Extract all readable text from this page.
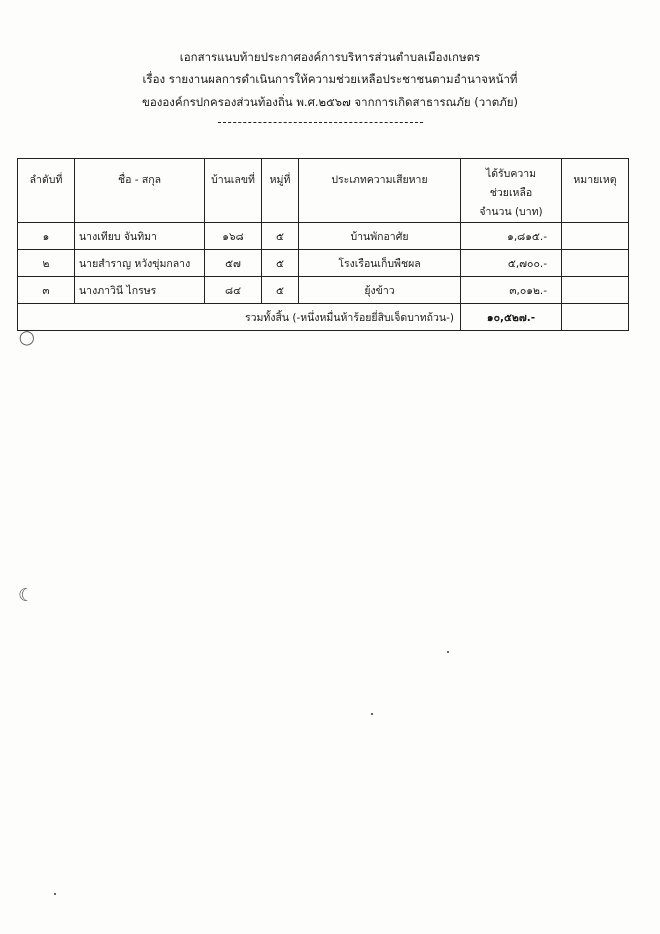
เอกสารแนบท้ายประกาศองค์การบริหารส่วนตำบลเมืองเกษตร
เรื่อง รายงานผลการดำเนินการให้ความช่วยเหลือประชาชนตามอำนาจหน้าที่
ขององค์กรปกครองส่วนท้องถิ่น พ.ศ.๒๕๖๗ จากการเกิดสาธารณภัย (วาตภัย)
ลำดับที่	ชื่อ - สกุล	บ้านเลขที่	หมู่ที่	ประเภทความเสียหาย	ได้รับความ
ช่วยเหลือ
จำนวน (บาท)	หมายเหตุ
๑	นางเทียบ จันทิมา	๑๖๘	๕	บ้านพักอาศัย	๑,๘๑๕.-	
๒	นายสำราญ หวังขุ่มกลาง	๕๗	๕	โรงเรือนเก็บพืชผล	๕,๗๐๐.-	
๓	นางภาวินี ไกรษร	๘๔	๕	ยุ้งข้าว	๓,๐๑๒.-	
รวมทั้งสิ้น (-หนึ่งหมื่นห้าร้อยยี่สิบเจ็ดบาทถ้วน-)					๑๐,๕๒๗.-	
◯
☾
